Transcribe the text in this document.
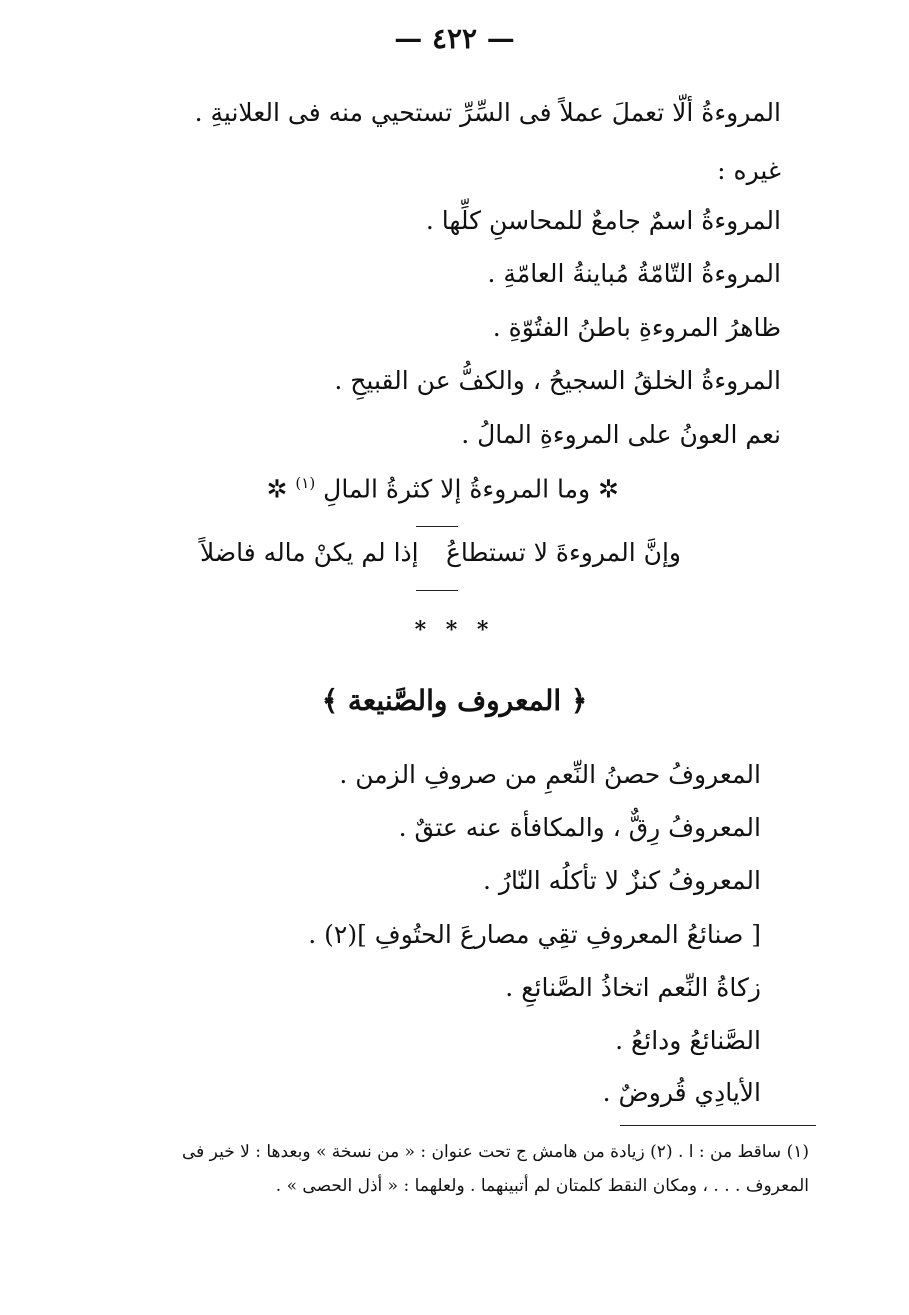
— ٤٢٢ —
المروءةُ ألّا تعملَ عملاً فى السِّرِّ تستحيي منه فى العلانيةِ .
غيره :
المروءةُ اسمٌ جامعٌ للمحاسنِ كلِّها .
المروءةُ التّامّةُ مُباينةُ العامّةِ .
ظاهرُ المروءةِ باطنُ الفتُوّةِ .
المروءةُ الخلقُ السجيحُ ، والكفُّ عن القبيحِ .
نعم العونُ على المروءةِ المالُ .
✲ وما المروءةُ إلا كثرةُ المالِ $^{(١)}$ ✲
وإنَّ المروءةَ لا تستطاعُ
إذا لم يكنْ ماله فاضلاً
* * *
﴿ المعروف والصَّنيعة ﴾
المعروفُ حصنُ النِّعمِ من صروفِ الزمن .
المعروفُ رِقٌّ ، والمكافأة عنه عتقٌ .
المعروفُ كنزٌ لا تأكلُه النّارُ .
[ صنائعُ المعروفِ تقِي مصارعَ الحتُوفِ ](٢) .
زكاةُ النِّعم اتخاذُ الصَّنائعِ .
الصَّنائعُ ودائعُ .
الأيادِي قُروضٌ .
(١) ساقط من : ا . (٢) زيادة من هامش ج تحت عنوان : « من نسخة » وبعدها : لا خير فى
المعروف . . . ، ومكان النقط كلمتان لم أتبينهما . ولعلهما : « أذل الحصى » .
